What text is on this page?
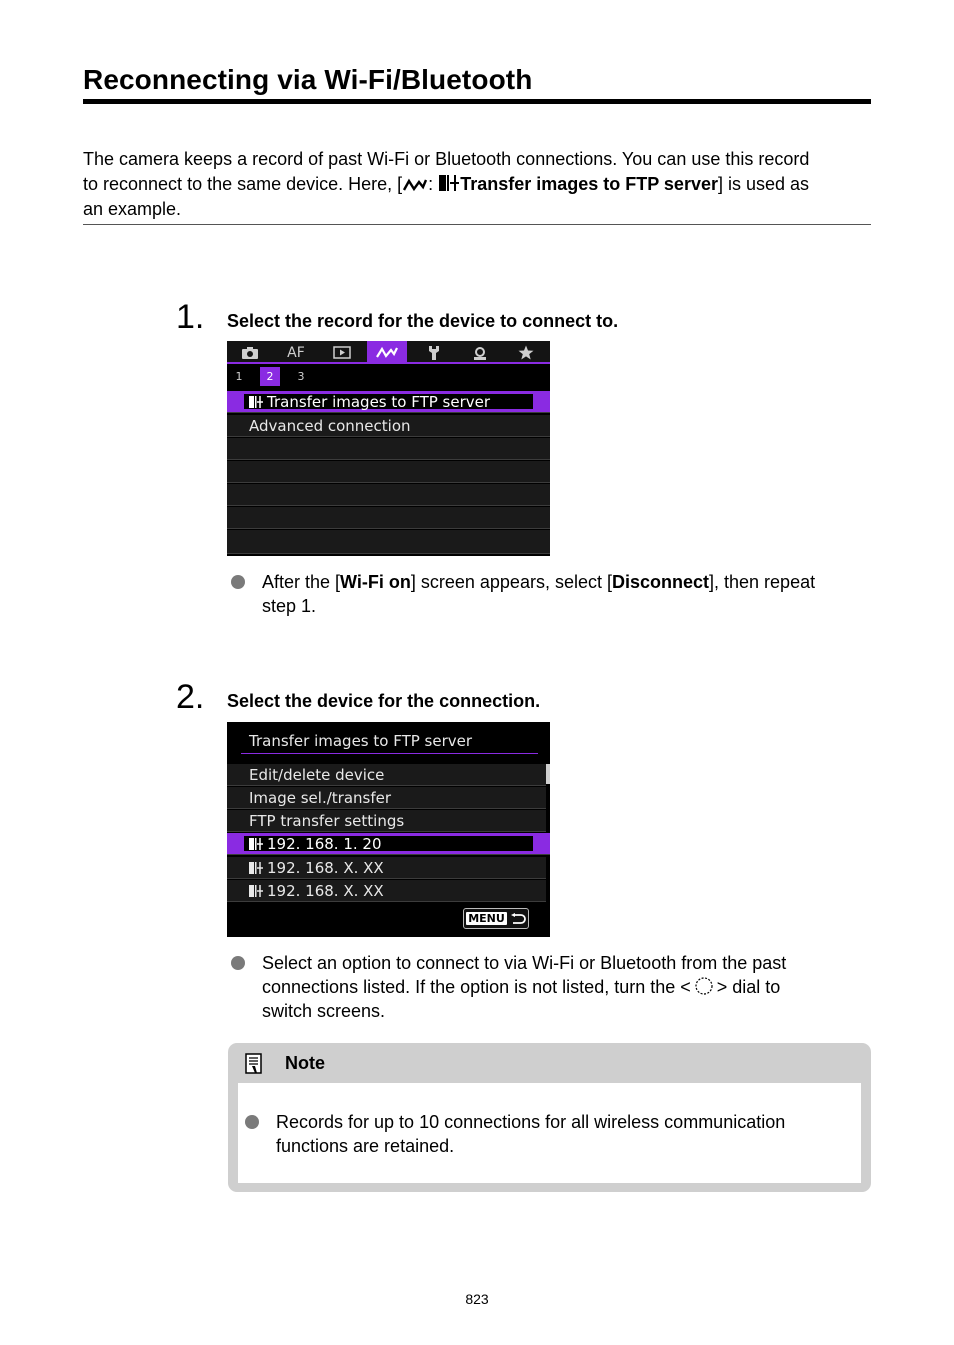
Reconnecting via Wi-Fi/Bluetooth
The camera keeps a record of past Wi-Fi or Bluetooth connections. You can use this record
to reconnect to the same device. Here, [ : Transfer images to FTP server] is used as
an example.
1. Select the record for the device to connect to.
AF
1	2	3
Transfer images to FTP server
Advanced connection
After the [Wi-Fi on] screen appears, select [Disconnect], then repeat
step 1.
2. Select the device for the connection.
Transfer images to FTP server
Edit/delete device
Image sel./transfer
FTP transfer settings
192. 168. 1. 20
192. 168. X. XX
192. 168. X. XX
MENU
Select an option to connect to via Wi-Fi or Bluetooth from the past
connections listed. If the option is not listed, turn the < > dial to
switch screens.
Note
Records for up to 10 connections for all wireless communication functions are retained.
823
